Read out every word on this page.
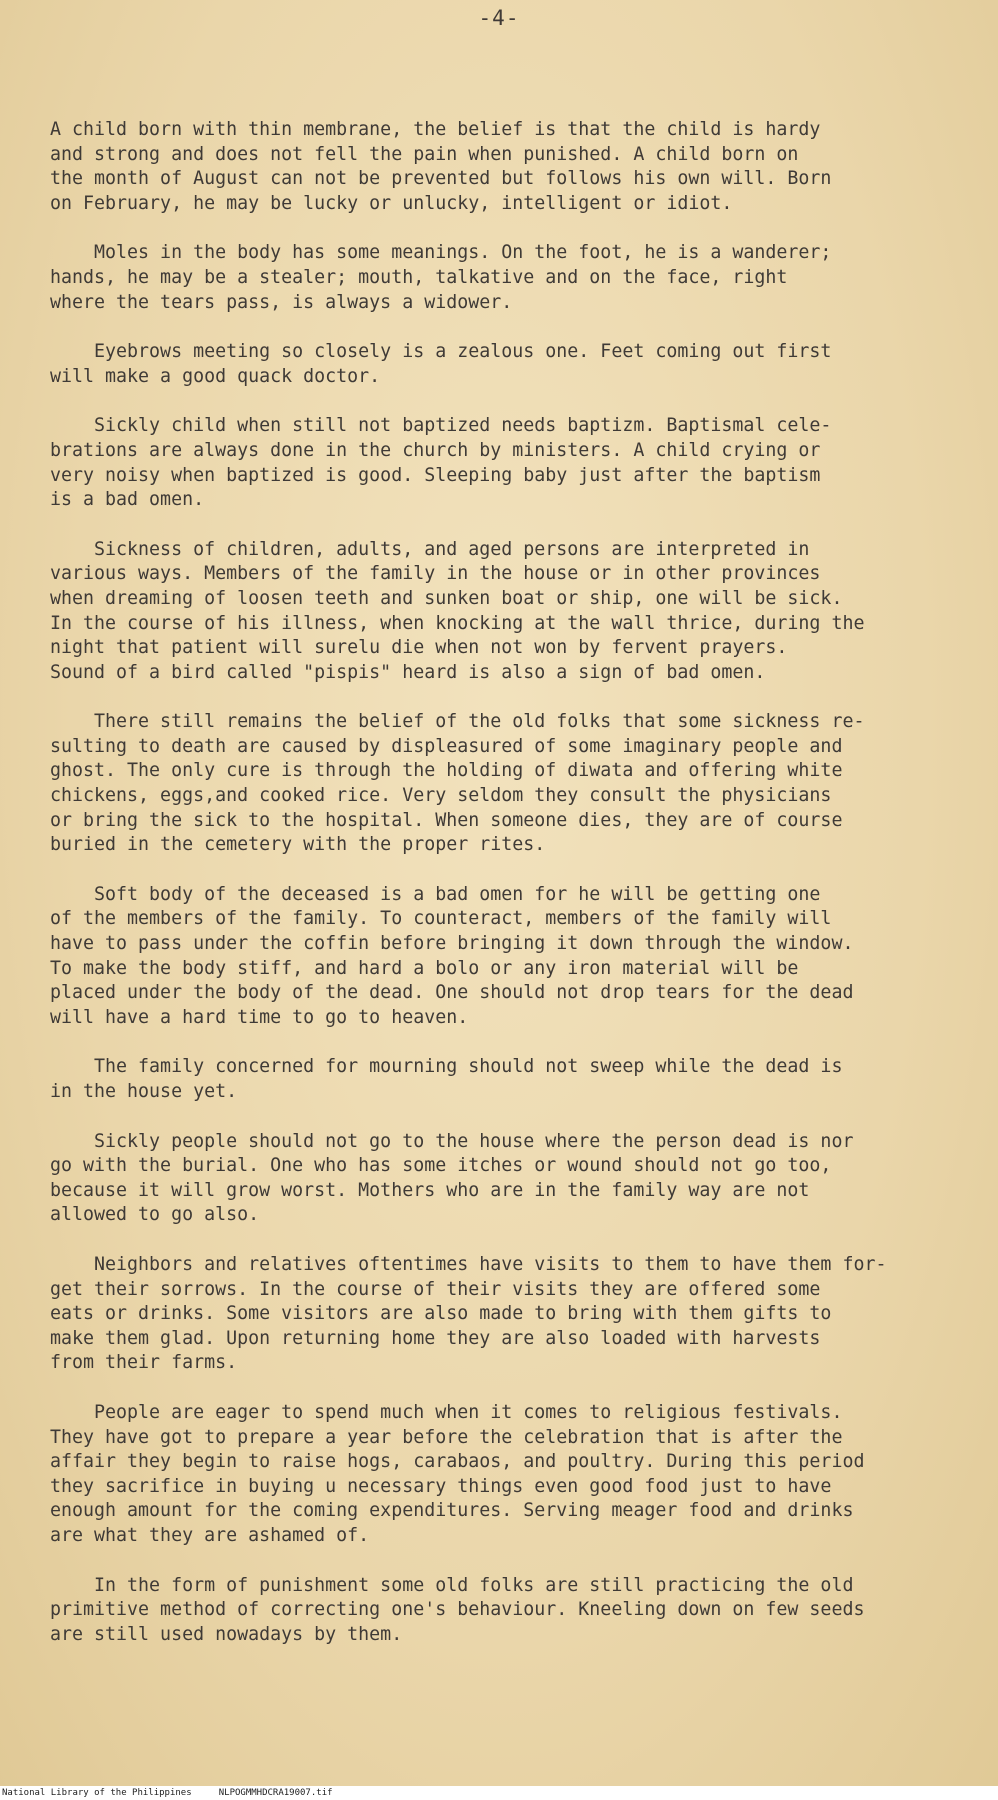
-4-
A child born with thin membrane, the belief is that the child is hardy
and strong and does not fell the pain when punished. A child born on
the month of August can not be prevented but follows his own will. Born
on February, he may be lucky or unlucky, intelligent or idiot.
Moles in the body has some meanings. On the foot, he is a wanderer;
hands, he may be a stealer; mouth, talkative and on the face, right
where the tears pass, is always a widower.
Eyebrows meeting so closely is a zealous one. Feet coming out first
will make a good quack doctor.
Sickly child when still not baptized needs baptizm. Baptismal cele-
brations are always done in the church by ministers. A child crying or
very noisy when baptized is good. Sleeping baby just after the baptism
is a bad omen.
Sickness of children, adults, and aged persons are interpreted in
various ways. Members of the family in the house or in other provinces
when dreaming of loosen teeth and sunken boat or ship, one will be sick.
In the course of his illness, when knocking at the wall thrice, during the
night that patient will surelu die when not won by fervent prayers.
Sound of a bird called "pispis" heard is also a sign of bad omen.
There still remains the belief of the old folks that some sickness re-
sulting to death are caused by displeasured of some imaginary people and
ghost. The only cure is through the holding of diwata and offering white
chickens, eggs,and cooked rice. Very seldom they consult the physicians
or bring the sick to the hospital. When someone dies, they are of course
buried in the cemetery with the proper rites.
Soft body of the deceased is a bad omen for he will be getting one
of the members of the family. To counteract, members of the family will
have to pass under the coffin before bringing it down through the window.
To make the body stiff, and hard a bolo or any iron material will be
placed under the body of the dead. One should not drop tears for the dead
will have a hard time to go to heaven.
The family concerned for mourning should not sweep while the dead is
in the house yet.
Sickly people should not go to the house where the person dead is nor
go with the burial. One who has some itches or wound should not go too,
because it will grow worst. Mothers who are in the family way are not
allowed to go also.
Neighbors and relatives oftentimes have visits to them to have them for-
get their sorrows. In the course of their visits they are offered some
eats or drinks. Some visitors are also made to bring with them gifts to
make them glad. Upon returning home they are also loaded with harvests
from their farms.
People are eager to spend much when it comes to religious festivals.
They have got to prepare a year before the celebration that is after the
affair they begin to raise hogs, carabaos, and poultry. During this period
they sacrifice in buying u necessary things even good food just to have
enough amount for the coming expenditures. Serving meager food and drinks
are what they are ashamed of.
In the form of punishment some old folks are still practicing the old
primitive method of correcting one's behaviour. Kneeling down on few seeds
are still used nowadays by them.
National Library of the Philippines     NLPOGMMHDCRA19007.tif
